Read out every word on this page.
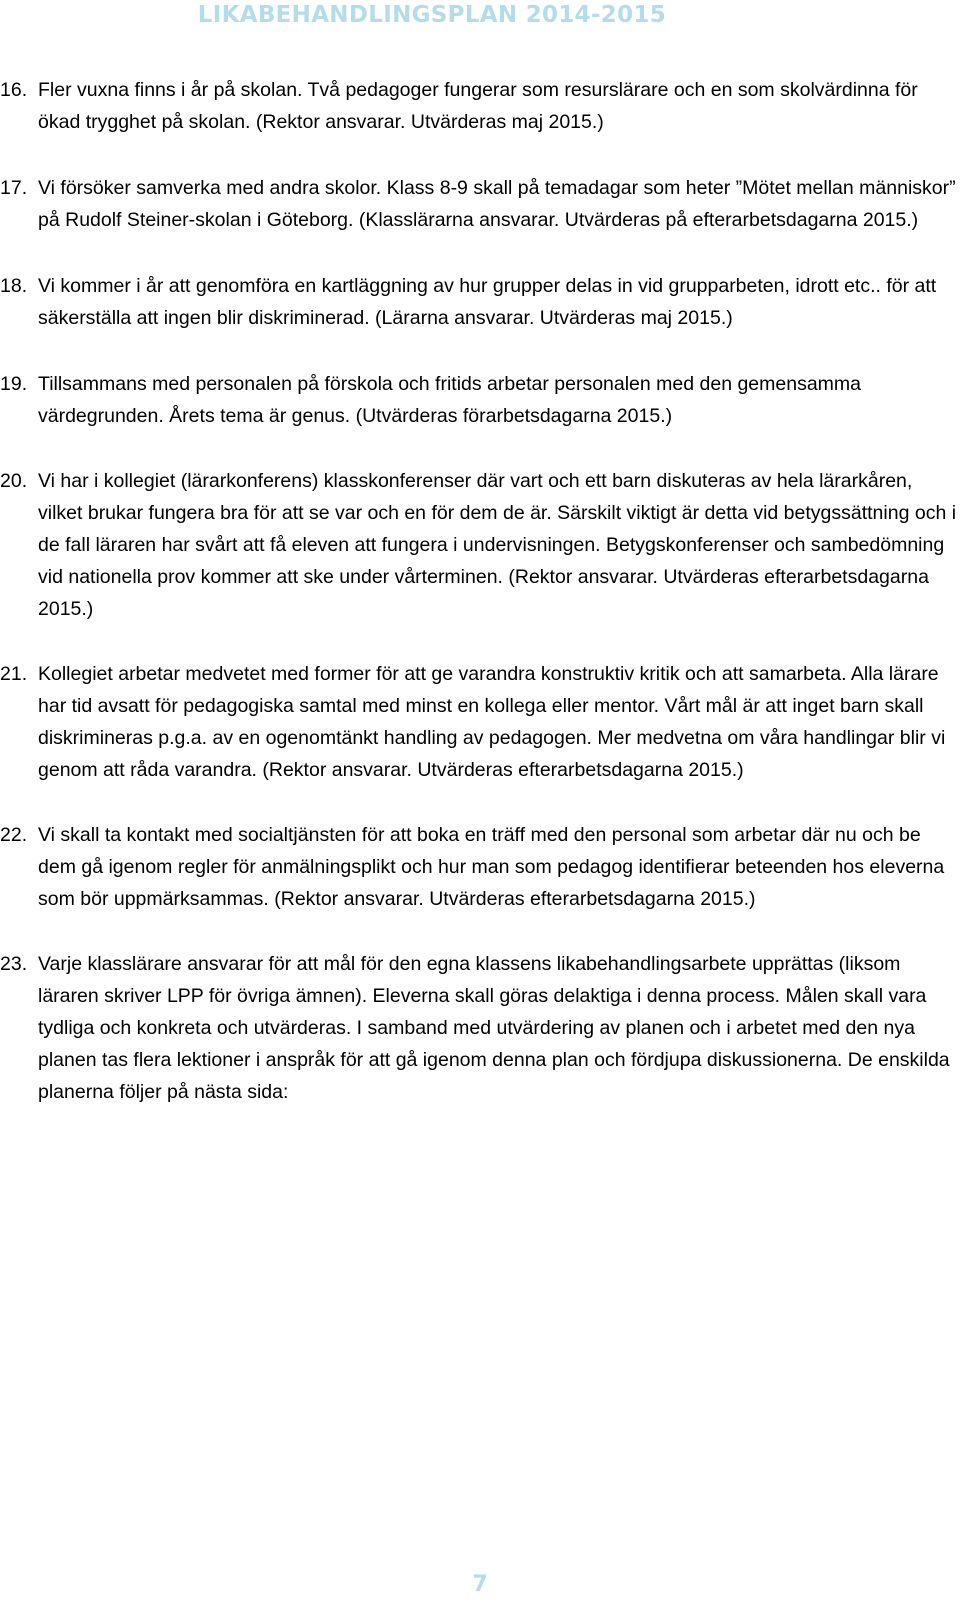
LIKABEHANDLINGSPLAN 2014-2015
16. Fler vuxna finns i år på skolan. Två pedagoger fungerar som resurslärare och en som skolvärdinna för ökad trygghet på skolan. (Rektor ansvarar. Utvärderas maj 2015.)
17. Vi försöker samverka med andra skolor. Klass 8-9 skall på temadagar som heter ”Mötet mellan människor” på Rudolf Steiner-skolan i Göteborg. (Klasslärarna ansvarar. Utvärderas på efterarbetsdagarna 2015.)
18. Vi kommer i år att genomföra en kartläggning av hur grupper delas in vid grupparbeten, idrott etc.. för att säkerställa att ingen blir diskriminerad. (Lärarna ansvarar. Utvärderas maj 2015.)
19. Tillsammans med personalen på förskola och fritids arbetar personalen med den gemensamma värdegrunden. Årets tema är genus. (Utvärderas förarbetsdagarna 2015.)
20. Vi har i kollegiet (lärarkonferens) klasskonferenser där vart och ett barn diskuteras av hela lärarkåren, vilket brukar fungera bra för att se var och en för dem de är. Särskilt viktigt är detta vid betygssättning och i de fall läraren har svårt att få eleven att fungera i undervisningen. Betygskonferenser och sambedömning vid nationella prov kommer att ske under vårterminen. (Rektor ansvarar. Utvärderas efterarbetsdagarna 2015.)
21. Kollegiet arbetar medvetet med former för att ge varandra konstruktiv kritik och att samarbeta. Alla lärare har tid avsatt för pedagogiska samtal med minst en kollega eller mentor. Vårt mål är att inget barn skall diskrimineras p.g.a. av en ogenomtänkt handling av pedagogen. Mer medvetna om våra handlingar blir vi genom att råda varandra. (Rektor ansvarar. Utvärderas efterarbetsdagarna 2015.)
22. Vi skall ta kontakt med socialtjänsten för att boka en träff med den personal som arbetar där nu och be dem gå igenom regler för anmälningsplikt och hur man som pedagog identifierar beteenden hos eleverna som bör uppmärksammas. (Rektor ansvarar. Utvärderas efterarbetsdagarna 2015.)
23. Varje klasslärare ansvarar för att mål för den egna klassens likabehandlingsarbete upprättas (liksom läraren skriver LPP för övriga ämnen). Eleverna skall göras delaktiga i denna process. Målen skall vara tydliga och konkreta och utvärderas. I samband med utvärdering av planen och i arbetet med den nya planen tas flera lektioner i anspråk för att gå igenom denna plan och fördjupa diskussionerna. De enskilda planerna följer på nästa sida:
7
